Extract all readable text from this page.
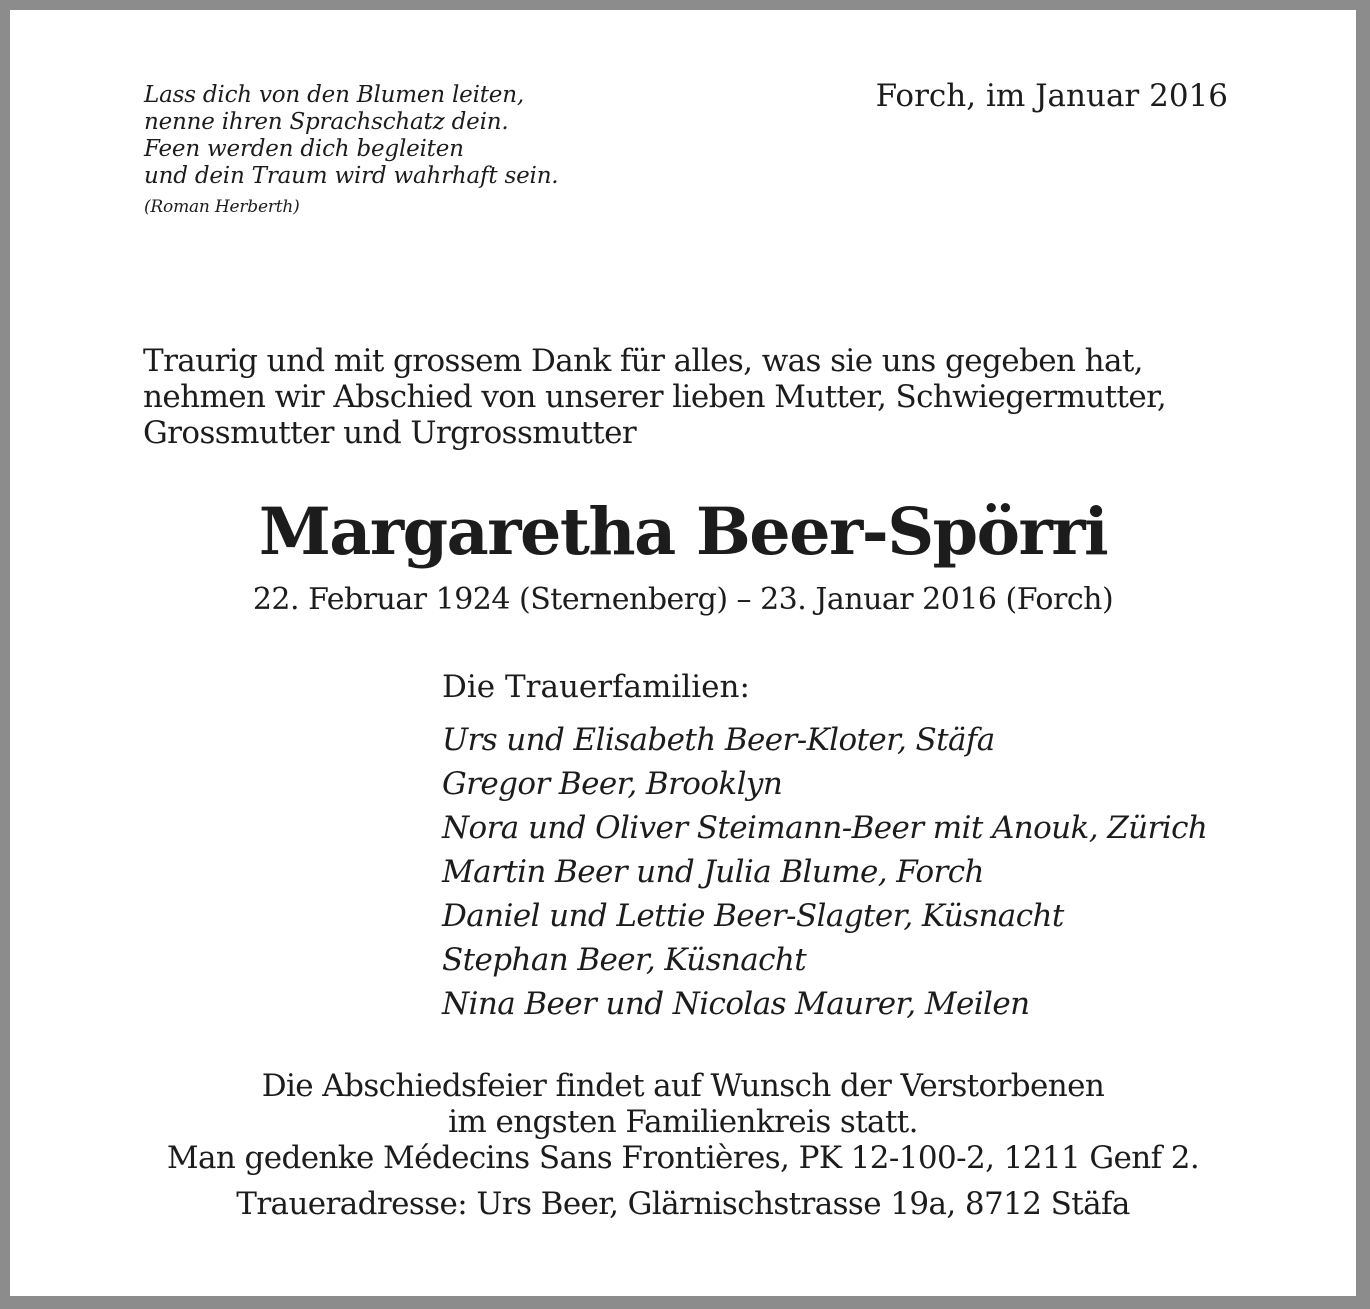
Lass dich von den Blumen leiten,
nenne ihren Sprachschatz dein.
Feen werden dich begleiten
und dein Traum wird wahrhaft sein.
(Roman Herberth)
Forch, im Januar 2016
Traurig und mit grossem Dank für alles, was sie uns gegeben hat,
nehmen wir Abschied von unserer lieben Mutter, Schwiegermutter,
Grossmutter und Urgrossmutter
Margaretha Beer-Spörri
22. Februar 1924 (Sternenberg) – 23. Januar 2016 (Forch)
Die Trauerfamilien:
Urs und Elisabeth Beer-Kloter, Stäfa
Gregor Beer, Brooklyn
Nora und Oliver Steimann-Beer mit Anouk, Zürich
Martin Beer und Julia Blume, Forch
Daniel und Lettie Beer-Slagter, Küsnacht
Stephan Beer, Küsnacht
Nina Beer und Nicolas Maurer, Meilen
Die Abschiedsfeier findet auf Wunsch der Verstorbenen
im engsten Familienkreis statt.
Man gedenke Médecins Sans Frontières, PK 12-100-2, 1211 Genf 2.
Traueradresse: Urs Beer, Glärnischstrasse 19a, 8712 Stäfa
